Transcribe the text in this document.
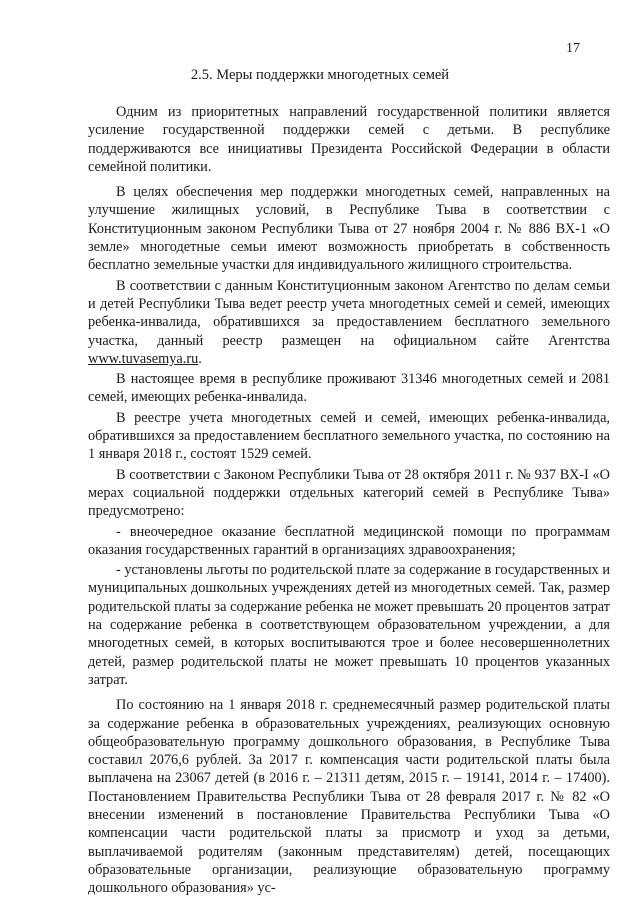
17
2.5. Меры поддержки многодетных семей

Одним из приоритетных направлений государственной политики является усиление государственной поддержки семей с детьми. В республике поддерживаются все инициативы Президента Российской Федерации в области семейной политики.

В целях обеспечения мер поддержки многодетных семей, направленных на улучшение жилищных условий, в Республике Тыва в соответствии с Конституционным законом Республики Тыва от 27 ноября 2004 г. № 886 ВХ-1 «О земле» многодетные семьи имеют возможность приобретать в собственность бесплатно земельные участки для индивидуального жилищного строительства.

В соответствии с данным Конституционным законом Агентство по делам семьи и детей Республики Тыва ведет реестр учета многодетных семей и семей, имеющих ребенка-инвалида, обратившихся за предоставлением бесплатного земельного участка, данный реестр размещен на официальном сайте Агентства www.tuvasemya.ru.

В настоящее время в республике проживают 31346 многодетных семей и 2081 семей, имеющих ребенка-инвалида.

В реестре учета многодетных семей и семей, имеющих ребенка-инвалида, обратившихся за предоставлением бесплатного земельного участка, по состоянию на 1 января 2018 г., состоят 1529 семей.

В соответствии с Законом Республики Тыва от 28 октября 2011 г. № 937 ВХ-I «О мерах социальной поддержки отдельных категорий семей в Республике Тыва» предусмотрено:

- внеочередное оказание бесплатной медицинской помощи по программам оказания государственных гарантий в организациях здравоохранения;

- установлены льготы по родительской плате за содержание в государственных и муниципальных дошкольных учреждениях детей из многодетных семей. Так, размер родительской платы за содержание ребенка не может превышать 20 процентов затрат на содержание ребенка в соответствующем образовательном учреждении, а для многодетных семей, в которых воспитываются трое и более несовершеннолетних детей, размер родительской платы не может превышать 10 процентов указанных затрат.

По состоянию на 1 января 2018 г. среднемесячный размер родительской платы за содержание ребенка в образовательных учреждениях, реализующих основную общеобразовательную программу дошкольного образования, в Республике Тыва составил 2076,6 рублей. За 2017 г. компенсация части родительской платы была выплачена на 23067 детей (в 2016 г. – 21311 детям, 2015 г. – 19141, 2014 г. – 17400). Постановлением Правительства Республики Тыва от 28 февраля 2017 г. № 82 «О внесении изменений в постановление Правительства Республики Тыва «О компенсации части родительской платы за присмотр и уход за детьми, выплачиваемой родителям (законным представителям) детей, посещающих образовательные организации, реализующие образовательную программу дошкольного образования» ус-
